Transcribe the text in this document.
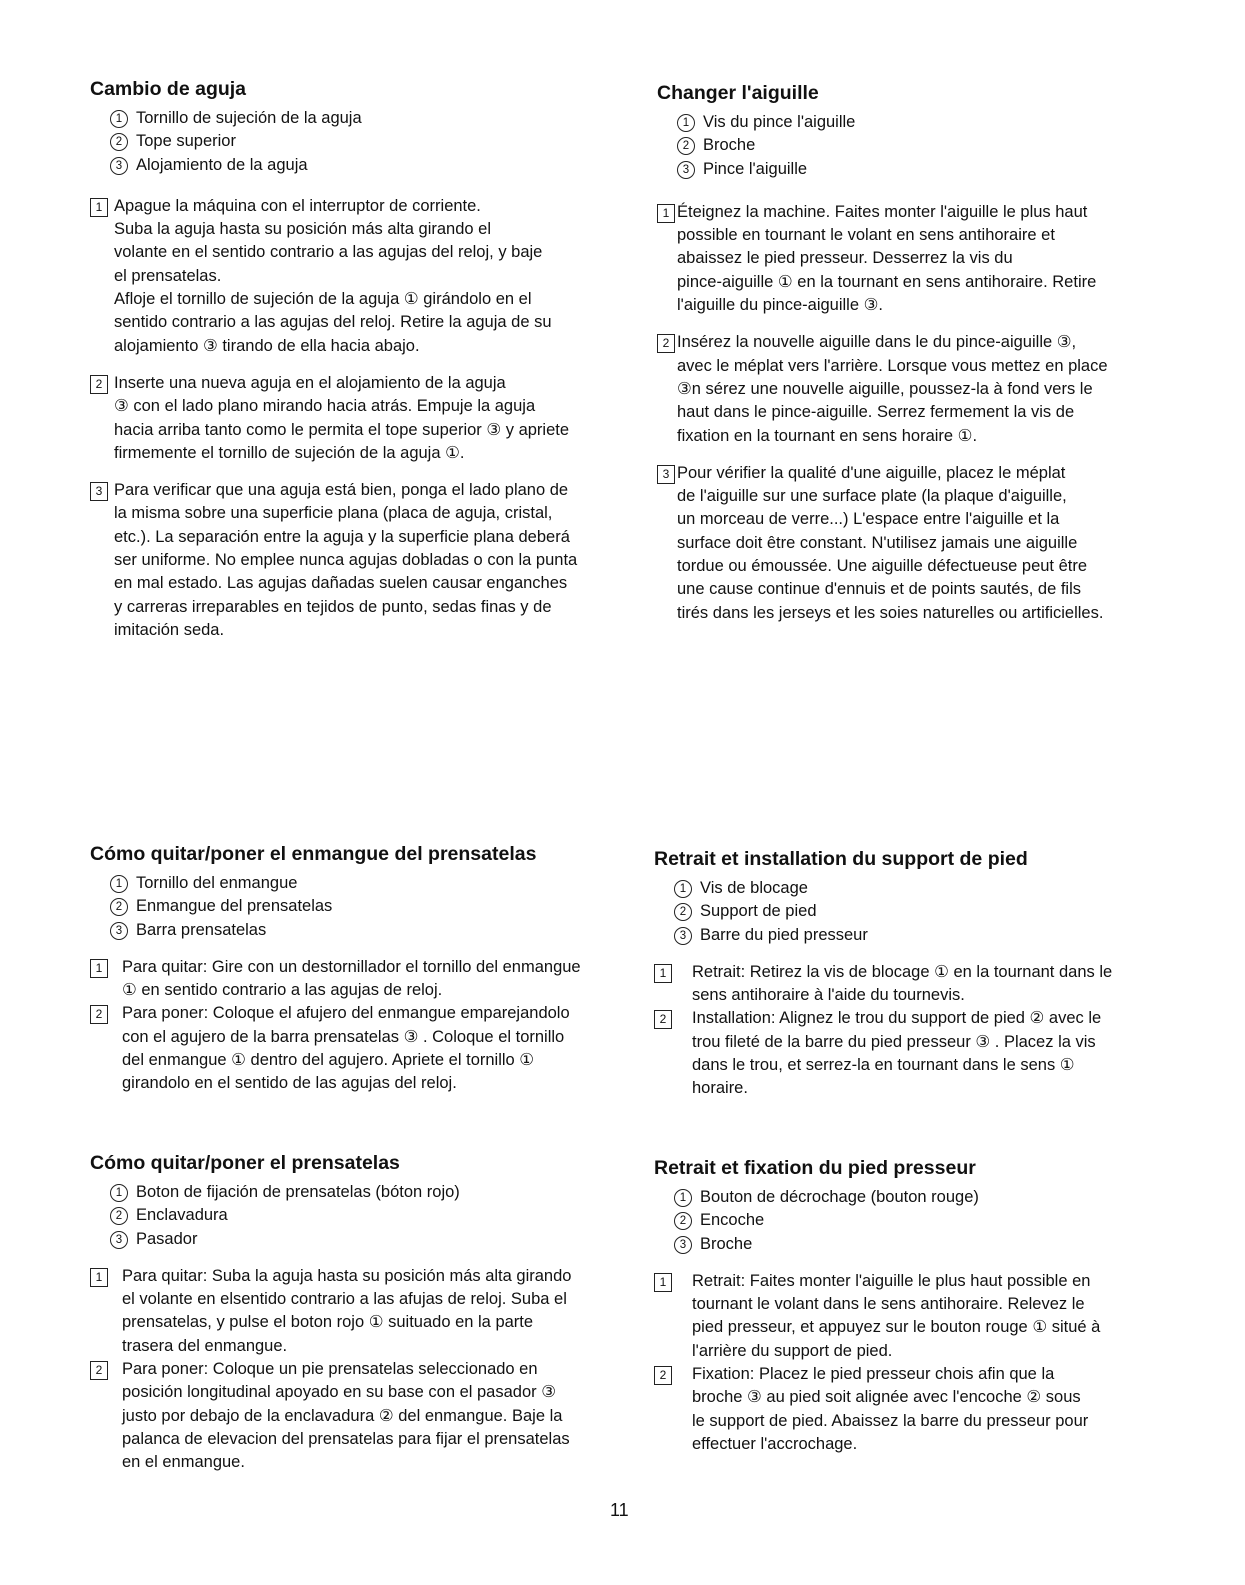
Cambio de aguja
1 Tornillo de sujeción de la aguja
2 Tope superior
3 Alojamiento de la aguja
1 Apague la máquina con el interruptor de corriente.
Suba la aguja hasta su posición más alta girando el
volante en el sentido contrario a las agujas del reloj, y baje
el prensatelas.
Afloje el tornillo de sujeción de la aguja ① girándolo en el
sentido contrario a las agujas del reloj. Retire la aguja de su
alojamiento ③ tirando de ella hacia abajo.

2 Inserte una nueva aguja en el alojamiento de la aguja
③ con el lado plano mirando hacia atrás. Empuje la aguja
hacia arriba tanto como le permita el tope superior ③ y apriete
firmemente el tornillo de sujeción de la aguja ①.

3 Para verificar que una aguja está bien, ponga el lado plano de
la misma sobre una superficie plana (placa de aguja, cristal,
etc.). La separación entre la aguja y la superficie plana deberá
ser uniforme. No emplee nunca agujas dobladas o con la punta
en mal estado. Las agujas dañadas suelen causar enganches
y carreras irreparables en tejidos de punto, sedas finas y de
imitación seda.

Changer l'aiguille
1 Vis du pince l'aiguille
2 Broche
3 Pince l'aiguille
1 Éteignez la machine. Faites monter l'aiguille le plus haut
possible en tournant le volant en sens antihoraire et
abaissez le pied presseur. Desserrez la vis du
pince-aiguille ① en la tournant en sens antihoraire. Retire
l'aiguille du pince-aiguille ③.

2 Insérez la nouvelle aiguille dans le du pince-aiguille ③,
avec le méplat vers l'arrière. Lorsque vous mettez en place
③n sérez une nouvelle aiguille, poussez-la à fond vers le
haut dans le pince-aiguille. Serrez fermement la vis de
fixation en la tournant en sens horaire ①.

3 Pour vérifier la qualité d'une aiguille, placez le méplat
de l'aiguille sur une surface plate (la plaque d'aiguille,
un morceau de verre...) L'espace entre l'aiguille et la
surface doit être constant. N'utilisez jamais une aiguille
tordue ou émoussée. Une aiguille défectueuse peut être
une cause continue d'ennuis et de points sautés, de fils
tirés dans les jerseys et les soies naturelles ou artificielles.

Cómo quitar/poner el enmangue del prensatelas
1 Tornillo del enmangue
2 Enmangue del prensatelas
3 Barra prensatelas
1	Para quitar: Gire con un destornillador el tornillo del enmangue
① en sentido contrario a las agujas de reloj.

2	Para poner: Coloque el afujero del enmangue emparejandolo
con el agujero de la barra prensatelas ③ . Coloque el tornillo
del enmangue ① dentro del agujero. Apriete el tornillo ①
girandolo en el sentido de las agujas del reloj.

Retrait et installation du support de pied
1 Vis de blocage
2 Support de pied
3 Barre du pied presseur
1	Retrait: Retirez la vis de blocage ① en la tournant dans le
sens antihoraire à l'aide du tournevis.

2	Installation: Alignez le trou du support de pied ② avec le
trou fileté de la barre du pied presseur ③ . Placez la vis
dans le trou, et serrez-la en tournant dans le sens ①
horaire.

Cómo quitar/poner el prensatelas
1 Boton de fijación de prensatelas (bóton rojo)
2 Enclavadura
3 Pasador
1	Para quitar: Suba la aguja hasta su posición más alta girando
el volante en elsentido contrario a las afujas de reloj. Suba el
prensatelas, y pulse el boton rojo ① suituado en la parte
trasera del enmangue.

2	Para poner: Coloque un pie prensatelas seleccionado en
posición longitudinal apoyado en su base con el pasador ③
justo por debajo de la enclavadura ② del enmangue. Baje la
palanca de elevacion del prensatelas para fijar el prensatelas
en el enmangue.

Retrait et fixation du pied presseur
1 Bouton de décrochage (bouton rouge)
2 Encoche
3 Broche
1	Retrait: Faites monter l'aiguille le plus haut possible en
tournant le volant dans le sens antihoraire. Relevez le
pied presseur, et appuyez sur le bouton rouge ① situé à
l'arrière du support de pied.

2	Fixation: Placez le pied presseur chois afin que la
broche ③ au pied soit alignée avec l'encoche ② sous
le support de pied. Abaissez la barre du presseur pour
effectuer l'accrochage.

11
